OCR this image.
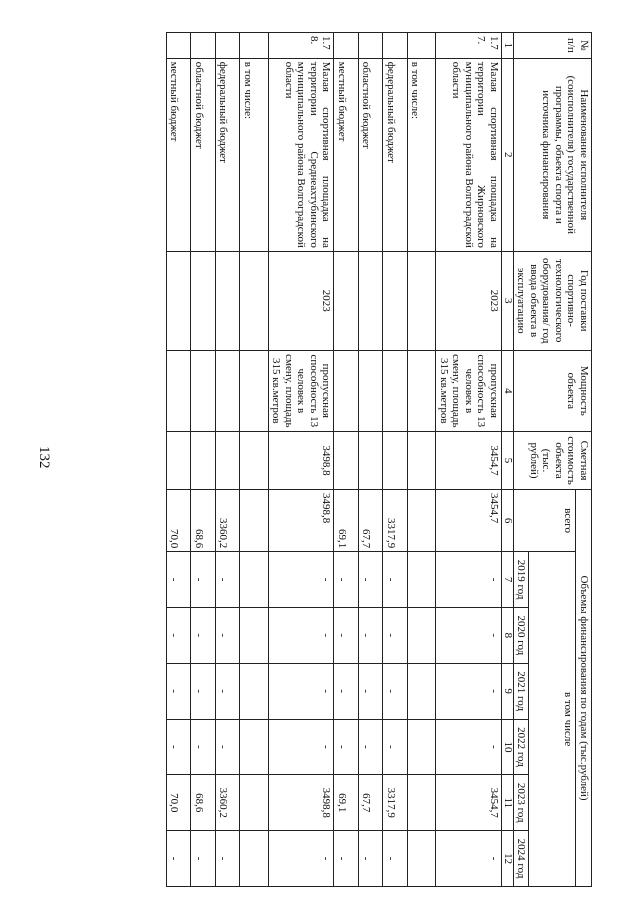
132
№ п/п	Наименование исполнителя (соисполнителя) государственной программы, объекта спорта и источника финансирования	Год поставки спортивно-технологического оборудования/ год ввода объекта в эксплуатацию	Мощность объекта	Сметная стоимость объекта (тыс. рублей)	Объемы финансирования по годам (тыс.рублей)						
					всего	в том числе					
						2019 год	2020 год	2021 год	2022 год	2023 год	2024 год
1	2	3	4	5	6	7	8	9	10	11	12
1.77.	Малая спортивная площадка на территории Жирновского муниципального района Волгоградской области	2023	пропускная способность 13 человек в смену, площадь 315 кв.метров	3454,7	3454,7	-	-	-	-	3454,7	-
	в том числе:										
	федеральный бюджет				3317,9	-	-	-	-	3317,9	-
	областной бюджет				67,7	-	-	-	-	67,7	-
	местный бюджет				69,1	-	-	-	-	69,1	-
1.78.	Малая спортивная площадка на территории Среднеахтубинского муниципального района Волгоградской области	2023	пропускная способность 13 человек в смену, площадь 315 кв.метров	3498,8	3498,8	-	-	-	-	3498,8	-
	в том числе:										
	федеральный бюджет				3360,2	-	-	-	-	3360,2	-
	областной бюджет				68,6	-	-	-	-	68,6	-
	местный бюджет				70,0	-	-	-	-	70,0	-
